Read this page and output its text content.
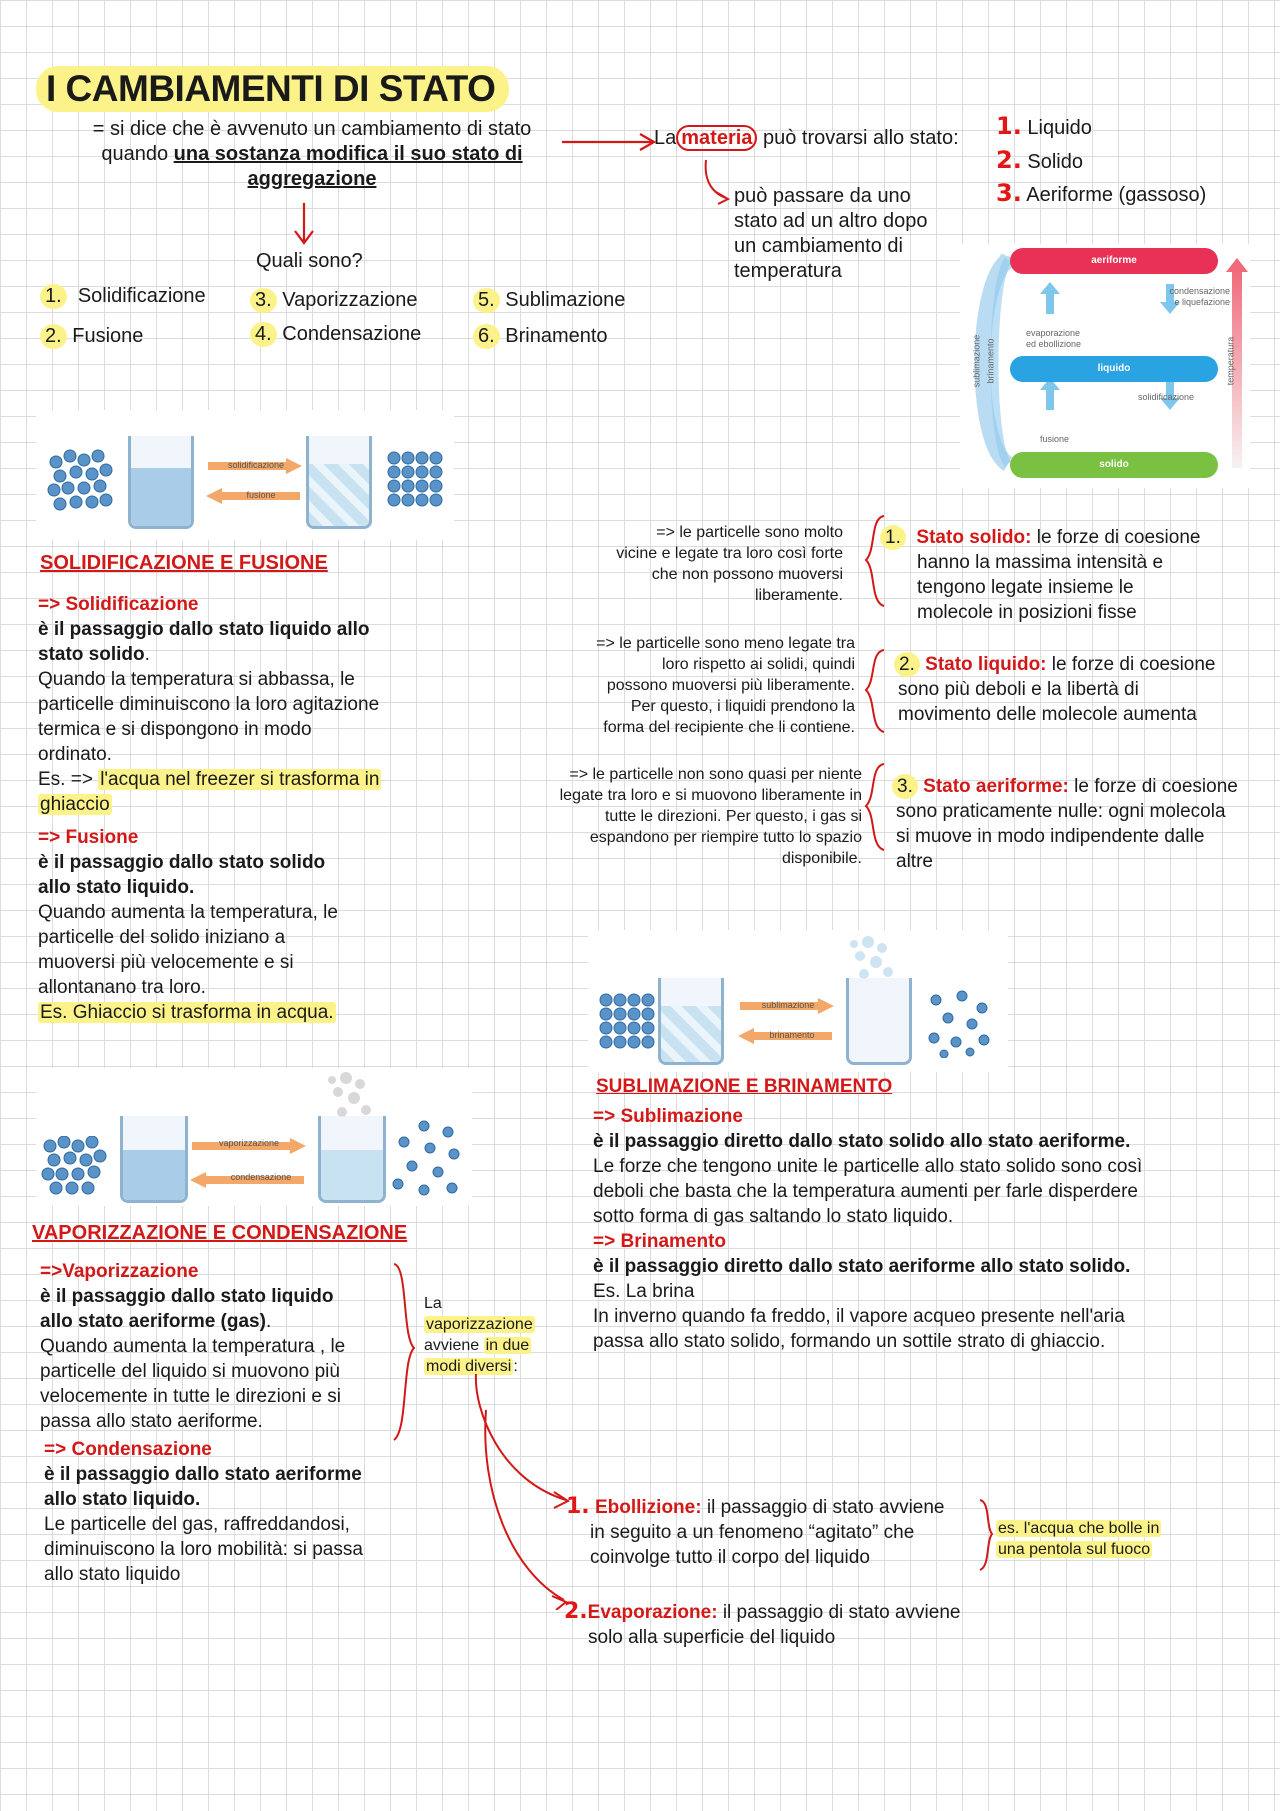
I CAMBIAMENTI DI STATO
= si dice che è avvenuto un cambiamento di stato
quando una sostanza modifica il suo stato di
aggregazione
Quali sono?
1. Solidificazione
2. Fusione
3. Vaporizzazione
4. Condensazione
5. Sublimazione
6. Brinamento
La materia può trovarsi allo stato: 1. Liquido
2. Solido
3. Aeriforme (gassoso)
può passare da uno
stato ad un altro dopo
un cambiamento di
temperatura	aeriforme
liquido
solido
condensazione
e liquefazione
evaporazione
ed ebollizione
solidificazione
fusione
sublimazione brinamento	temperatura
solidificazione
fusione
SOLIDIFICAZIONE E FUSIONE
=> Solidificazione
è il passaggio dallo stato liquido allo
stato solido.
Quando la temperatura si abbassa, le
particelle diminuiscono la loro agitazione
termica e si dispongono in modo
ordinato.
Es. => l'acqua nel freezer si trasforma in
ghiaccio
=> Fusione
è il passaggio dallo stato solido
allo stato liquido.
Quando aumenta la temperatura, le
particelle del solido iniziano a
muoversi più velocemente e si
allontanano tra loro.
Es. Ghiaccio si trasforma in acqua.
=> le particelle sono molto
vicine e legate tra loro così forte
che non possono muoversi
liberamente.
=> le particelle sono meno legate tra
loro rispetto ai solidi, quindi
possono muoversi più liberamente.
Per questo, i liquidi prendono la
forma del recipiente che li contiene.
=> le particelle non sono quasi per niente
legate tra loro e si muovono liberamente in
tutte le direzioni. Per questo, i gas si
espandono per riempire tutto lo spazio
disponibile.
1. Stato solido: le forze di coesione
hanno la massima intensità e
tengono legate insieme le
molecole in posizioni fisse
2. Stato liquido: le forze di coesione
sono più deboli e la libertà di
movimento delle molecole aumenta
3. Stato aeriforme: le forze di coesione
sono praticamente nulle: ogni molecola
si muove in modo indipendente dalle
altre
sublimazione
brinamento
SUBLIMAZIONE E BRINAMENTO
=> Sublimazione
è il passaggio diretto dallo stato solido allo stato aeriforme.
Le forze che tengono unite le particelle allo stato solido sono così
deboli che basta che la temperatura aumenti per farle disperdere
sotto forma di gas saltando lo stato liquido.
=> Brinamento
è il passaggio diretto dallo stato aeriforme allo stato solido.
Es. La brina
In inverno quando fa freddo, il vapore acqueo presente nell'aria
passa allo stato solido, formando un sottile strato di ghiaccio.
vaporizzazione
condensazione
VAPORIZZAZIONE E CONDENSAZIONE
=>Vaporizzazione
è il passaggio dallo stato liquido
allo stato aeriforme (gas).
Quando aumenta la temperatura , le
particelle del liquido si muovono più
velocemente in tutte le direzioni e si
passa allo stato aeriforme.
=> Condensazione
è il passaggio dallo stato aeriforme
allo stato liquido.
Le particelle del gas, raffreddandosi,
diminuiscono la loro mobilità: si passa
allo stato liquido
La
vaporizzazione
avviene in due
modi diversi :
1. Ebollizione: il passaggio di stato avviene
in seguito a un fenomeno “agitato” che
coinvolge tutto il corpo del liquido
es. l'acqua che bolle in
una pentola sul fuoco
2.Evaporazione: il passaggio di stato avviene
solo alla superficie del liquido
